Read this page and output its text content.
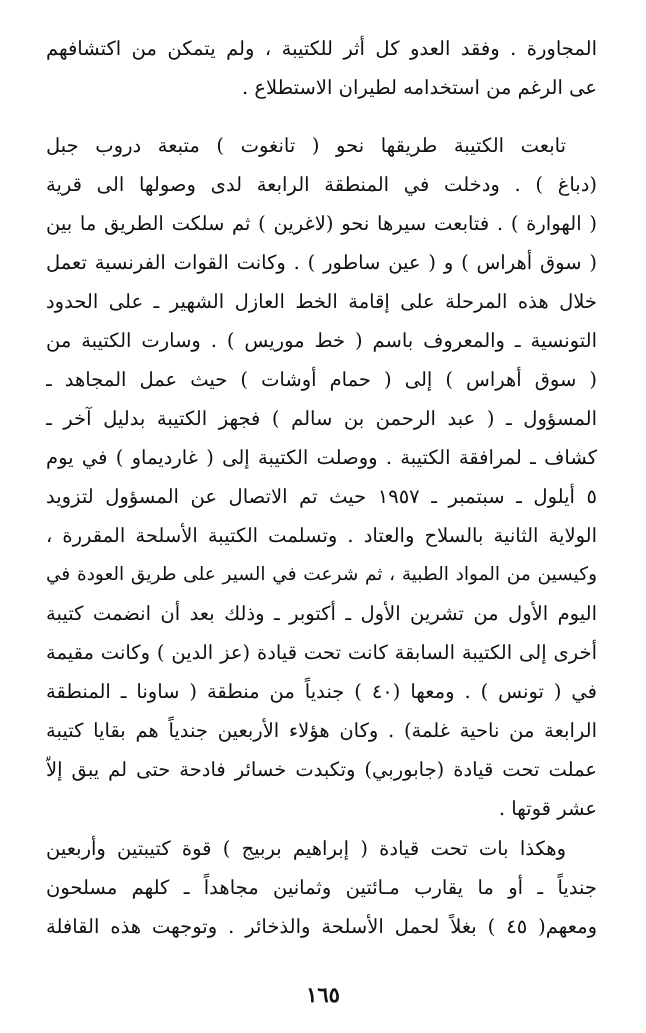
المجاورة . وفقد العدو كل أثر للكتيبة ، ولم يتمكن من اكتشافهم
عى الرغم من استخدامه لطيران الاستطلاع .
تابعت الكتيبة طريقها نحو ( تانغوت ) متبعة دروب جبل
(دباغ ) . ودخلت في المنطقة الرابعة لدى وصولها الى قرية
( الهوارة ) . فتابعت سيرها نحو (لاغرين ) ثم سلكت الطريق ما بين
( سوق أهراس ) و ( عين ساطور ) . وكانت القوات الفرنسية تعمل
خلال هذه المرحلة على إقامة الخط العازل الشهير ـ على الحدود
التونسية ـ والمعروف باسم ( خط موريس ) . وسارت الكتيبة من
( سوق أهراس ) إلى ( حمام أوشات ) حيث عمل المجاهد ـ
المسؤول ـ ( عبد الرحمن بن سالم ) فجهز الكتيبة بدليل آخر ـ
كشاف ـ لمرافقة الكتيبة . ووصلت الكتيبة إلى ( غارديماو ) في يوم
٥ أيلول ـ سبتمبر ـ ١٩٥٧ حيث تم الاتصال عن المسؤول لتزويد
الولاية الثانية بالسلاح والعتاد . وتسلمت الكتيبة الأسلحة المقررة ،
وكيسين من المواد الطبية ، ثم شرعت في السير على طريق العودة في
اليوم الأول من تشرين الأول ـ أكتوبر ـ وذلك بعد أن انضمت كتيبة
أخرى إلى الكتيبة السابقة كانت تحت قيادة (عز الدين ) وكانت مقيمة
في ( تونس ) . ومعها (٤٠ ) جندياً من منطقة ( ساونا ـ المنطقة
الرابعة من ناحية غلمة) . وكان هؤلاء الأربعين جندياً هم بقايا كتيبة
عملت تحت قيادة (جابوربي) وتكبدت خسائر فادحة حتى لم يبق إلاّ
عشر قوتها .
وهكذا بات تحت قيادة ( إبراهيم بربيج ) قوة كتيبتين وأربعين
جندياً ـ أو ما يقارب مـائتين وثمانين مجاهداً ـ كلهم مسلحون
ومعهم( ٤٥ ) بغلاً لحمل الأسلحة والذخائر . وتوجهت هذه القافلة
١٦٥
